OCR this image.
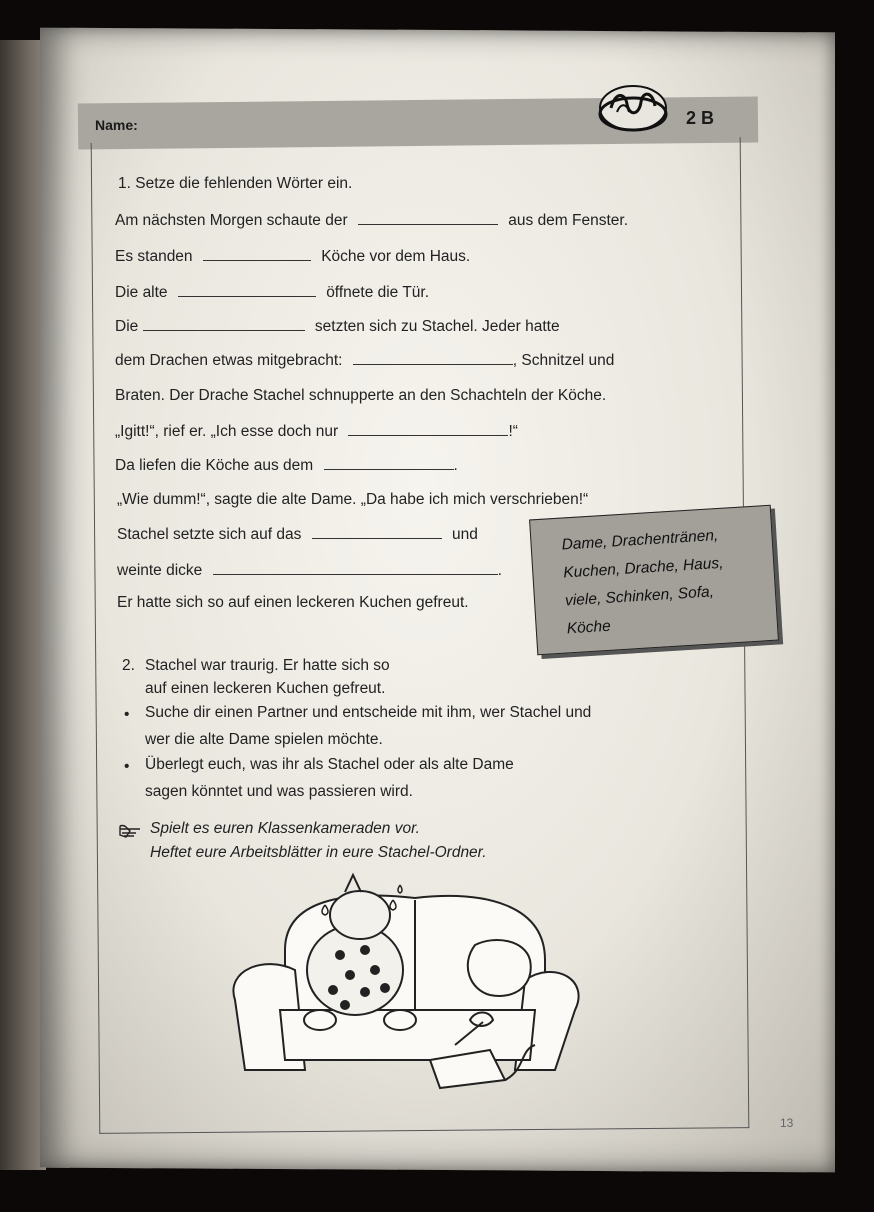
Name:	2 B
1. Setze die fehlenden Wörter ein.
Am nächsten Morgen schaute der	aus dem Fenster.
Es standen	Köche vor dem Haus.
Die alte	öffnete die Tür.
Die	setzten sich zu Stachel. Jeder hatte
dem Drachen etwas mitgebracht:	, Schnitzel und
Braten. Der Drache Stachel schnupperte an den Schachteln der Köche.
„Igitt!“, rief er. „Ich esse doch nur	!“
Da liefen die Köche aus dem	.
„Wie dumm!“, sagte die alte Dame. „Da habe ich mich verschrieben!“
Stachel setzte sich auf das	und
weinte dicke	.
Er hatte sich so auf einen leckeren Kuchen gefreut.
Dame, Drachentränen,
Kuchen, Drache, Haus,
viele, Schinken, Sofa,
Köche
2. Stachel war traurig. Er hatte sich so
auf einen leckeren Kuchen gefreut.
• Suche dir einen Partner und entscheide mit ihm, wer Stachel und
wer die alte Dame spielen möchte.
• Überlegt euch, was ihr als Stachel oder als alte Dame
sagen könntet und was passieren wird.
Spielt es euren Klassenkameraden vor.
Heftet eure Arbeitsblätter in eure Stachel-Ordner.
13
